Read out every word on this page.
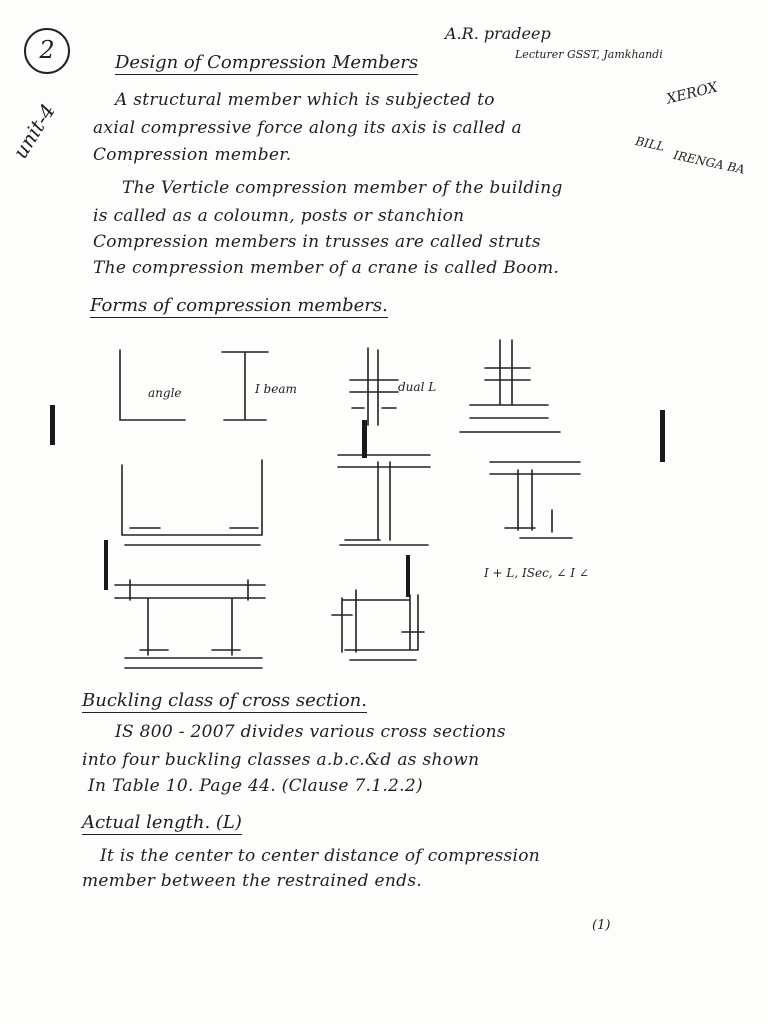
2
A.R. pradeep
Lecturer GSST, Jamkhandi
unit-4
XEROX
BILL
IRENGA BA
Design of Compression Members
A structural member which is subjected to
axial compressive force along its axis is called a
Compression member.
The Verticle compression member of the building
is called as a coloumn, posts or stanchion
Compression members in trusses are called struts
The compression member of a crane is called Boom.
Forms of compression members.
angle	I beam	dual L
I + L, ISec, ∠ I ∠
Buckling class of cross section.
IS 800 - 2007 divides various cross sections
into four buckling classes a.b.c.&d as shown
In Table 10. Page 44. (Clause 7.1.2.2)
Actual length. (L)
It is the center to center distance of compression
member between the restrained ends.
(1)
